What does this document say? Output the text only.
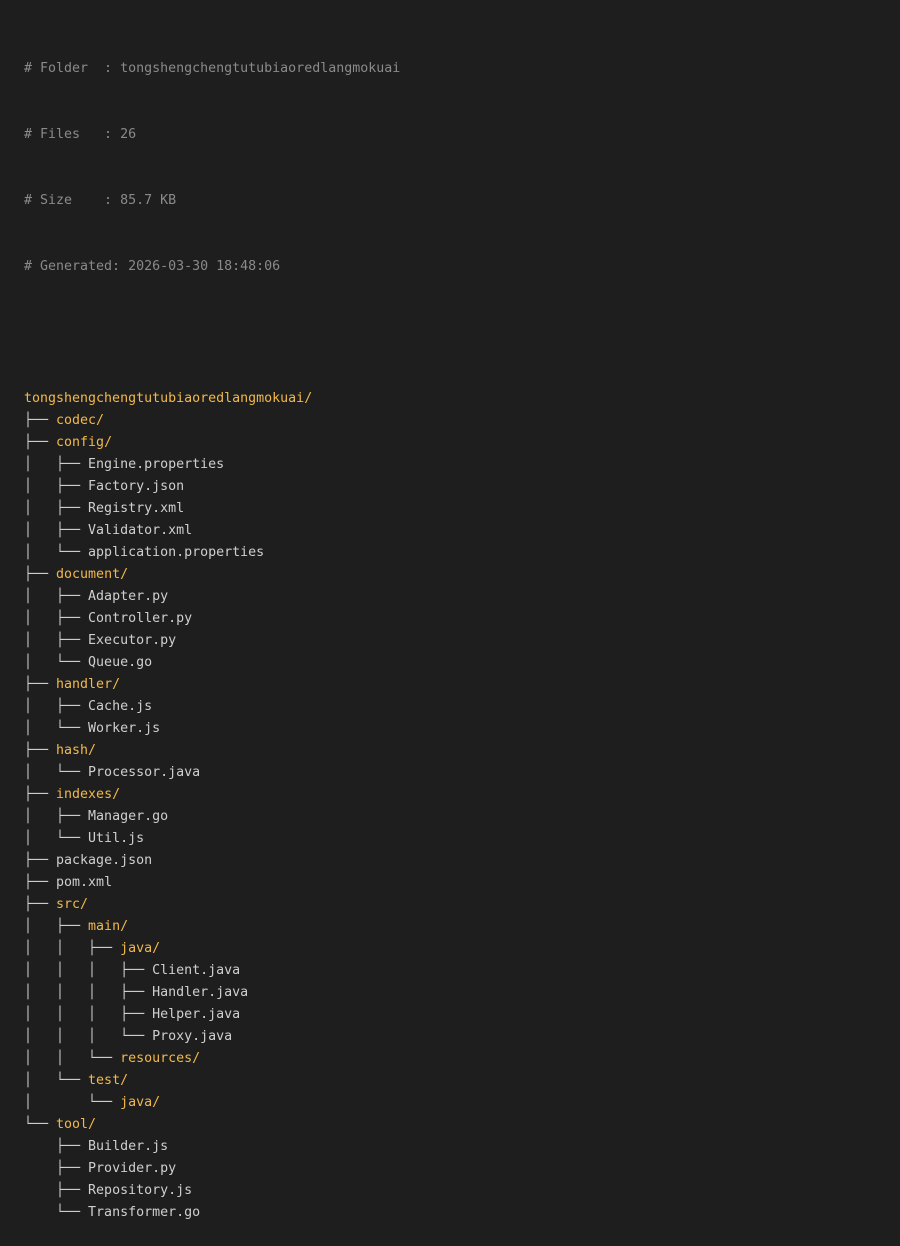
# Folder  : tongshengchengtutubiaoredlangmokuai

# Files   : 26

# Size    : 85.7 KB

# Generated: 2026-03-30 18:48:06

tongshengchengtutubiaoredlangmokuai/
├── codec/
├── config/
│   ├── Engine.properties
│   ├── Factory.json
│   ├── Registry.xml
│   ├── Validator.xml
│   └── application.properties
├── document/
│   ├── Adapter.py
│   ├── Controller.py
│   ├── Executor.py
│   └── Queue.go
├── handler/
│   ├── Cache.js
│   └── Worker.js
├── hash/
│   └── Processor.java
├── indexes/
│   ├── Manager.go
│   └── Util.js
├── package.json
├── pom.xml
├── src/
│   ├── main/
│   │   ├── java/
│   │   │   ├── Client.java
│   │   │   ├── Handler.java
│   │   │   ├── Helper.java
│   │   │   └── Proxy.java
│   │   └── resources/
│   └── test/
│       └── java/
└── tool/
├── Builder.js
├── Provider.py
├── Repository.js
└── Transformer.go
